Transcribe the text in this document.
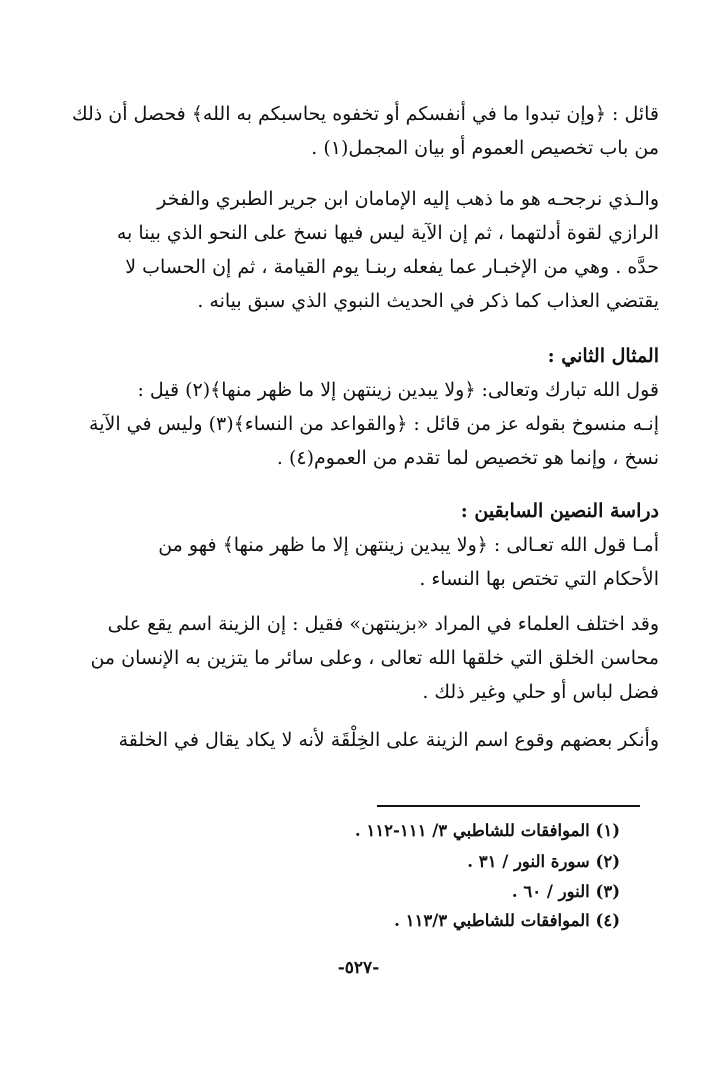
قائل : ﴿وإن تبدوا ما في أنفسكم أو تخفوه يحاسبكم به الله﴾ فحصل أن ذلك
من باب تخصيص العموم أو بيان المجمل(١) .
والـذي نرجحـه هو ما ذهب إليه الإمامان ابن جرير الطبري والفخر
الرازي لقوة أدلتهما ، ثم إن الآية ليس فيها نسخ على النحو الذي بينا به
حدَّه . وهي من الإخبـار عما يفعله ربنـا يوم القيامة ، ثم إن الحساب لا
يقتضي العذاب كما ذكر في الحديث النبوي الذي سبق بيانه .
المثال الثاني :
قول الله تبارك وتعالى: ﴿ولا يبدين زينتهن إلا ما ظهر منها﴾(٢) قيل :
إنـه منسوخ بقوله عز من قائل : ﴿والقواعد من النساء﴾(٣) وليس في الآية
نسخ ، وإنما هو تخصيص لما تقدم من العموم(٤) .
دراسة النصين السابقين :
أمـا قول الله تعـالى : ﴿ولا يبدين زينتهن إلا ما ظهر منها﴾ فهو من
الأحكام التي تختص بها النساء .
وقد اختلف العلماء في المراد «بزينتهن» فقيل : إن الزينة اسم يقع على
محاسن الخلق التي خلقها الله تعالى ، وعلى سائر ما يتزين به الإنسان من
فضل لباس أو حلي وغير ذلك .
وأنكر بعضهم وقوع اسم الزينة على الخِلْقَة لأنه لا يكاد يقال في الخلقة
(١) الموافقات للشاطبي ٣/ ١١١-١١٢ .
(٢) سورة النور / ٣١ .
(٣) النور / ٦٠ .
(٤) الموافقات للشاطبي ١١٣/٣ .
-٥٢٧-
